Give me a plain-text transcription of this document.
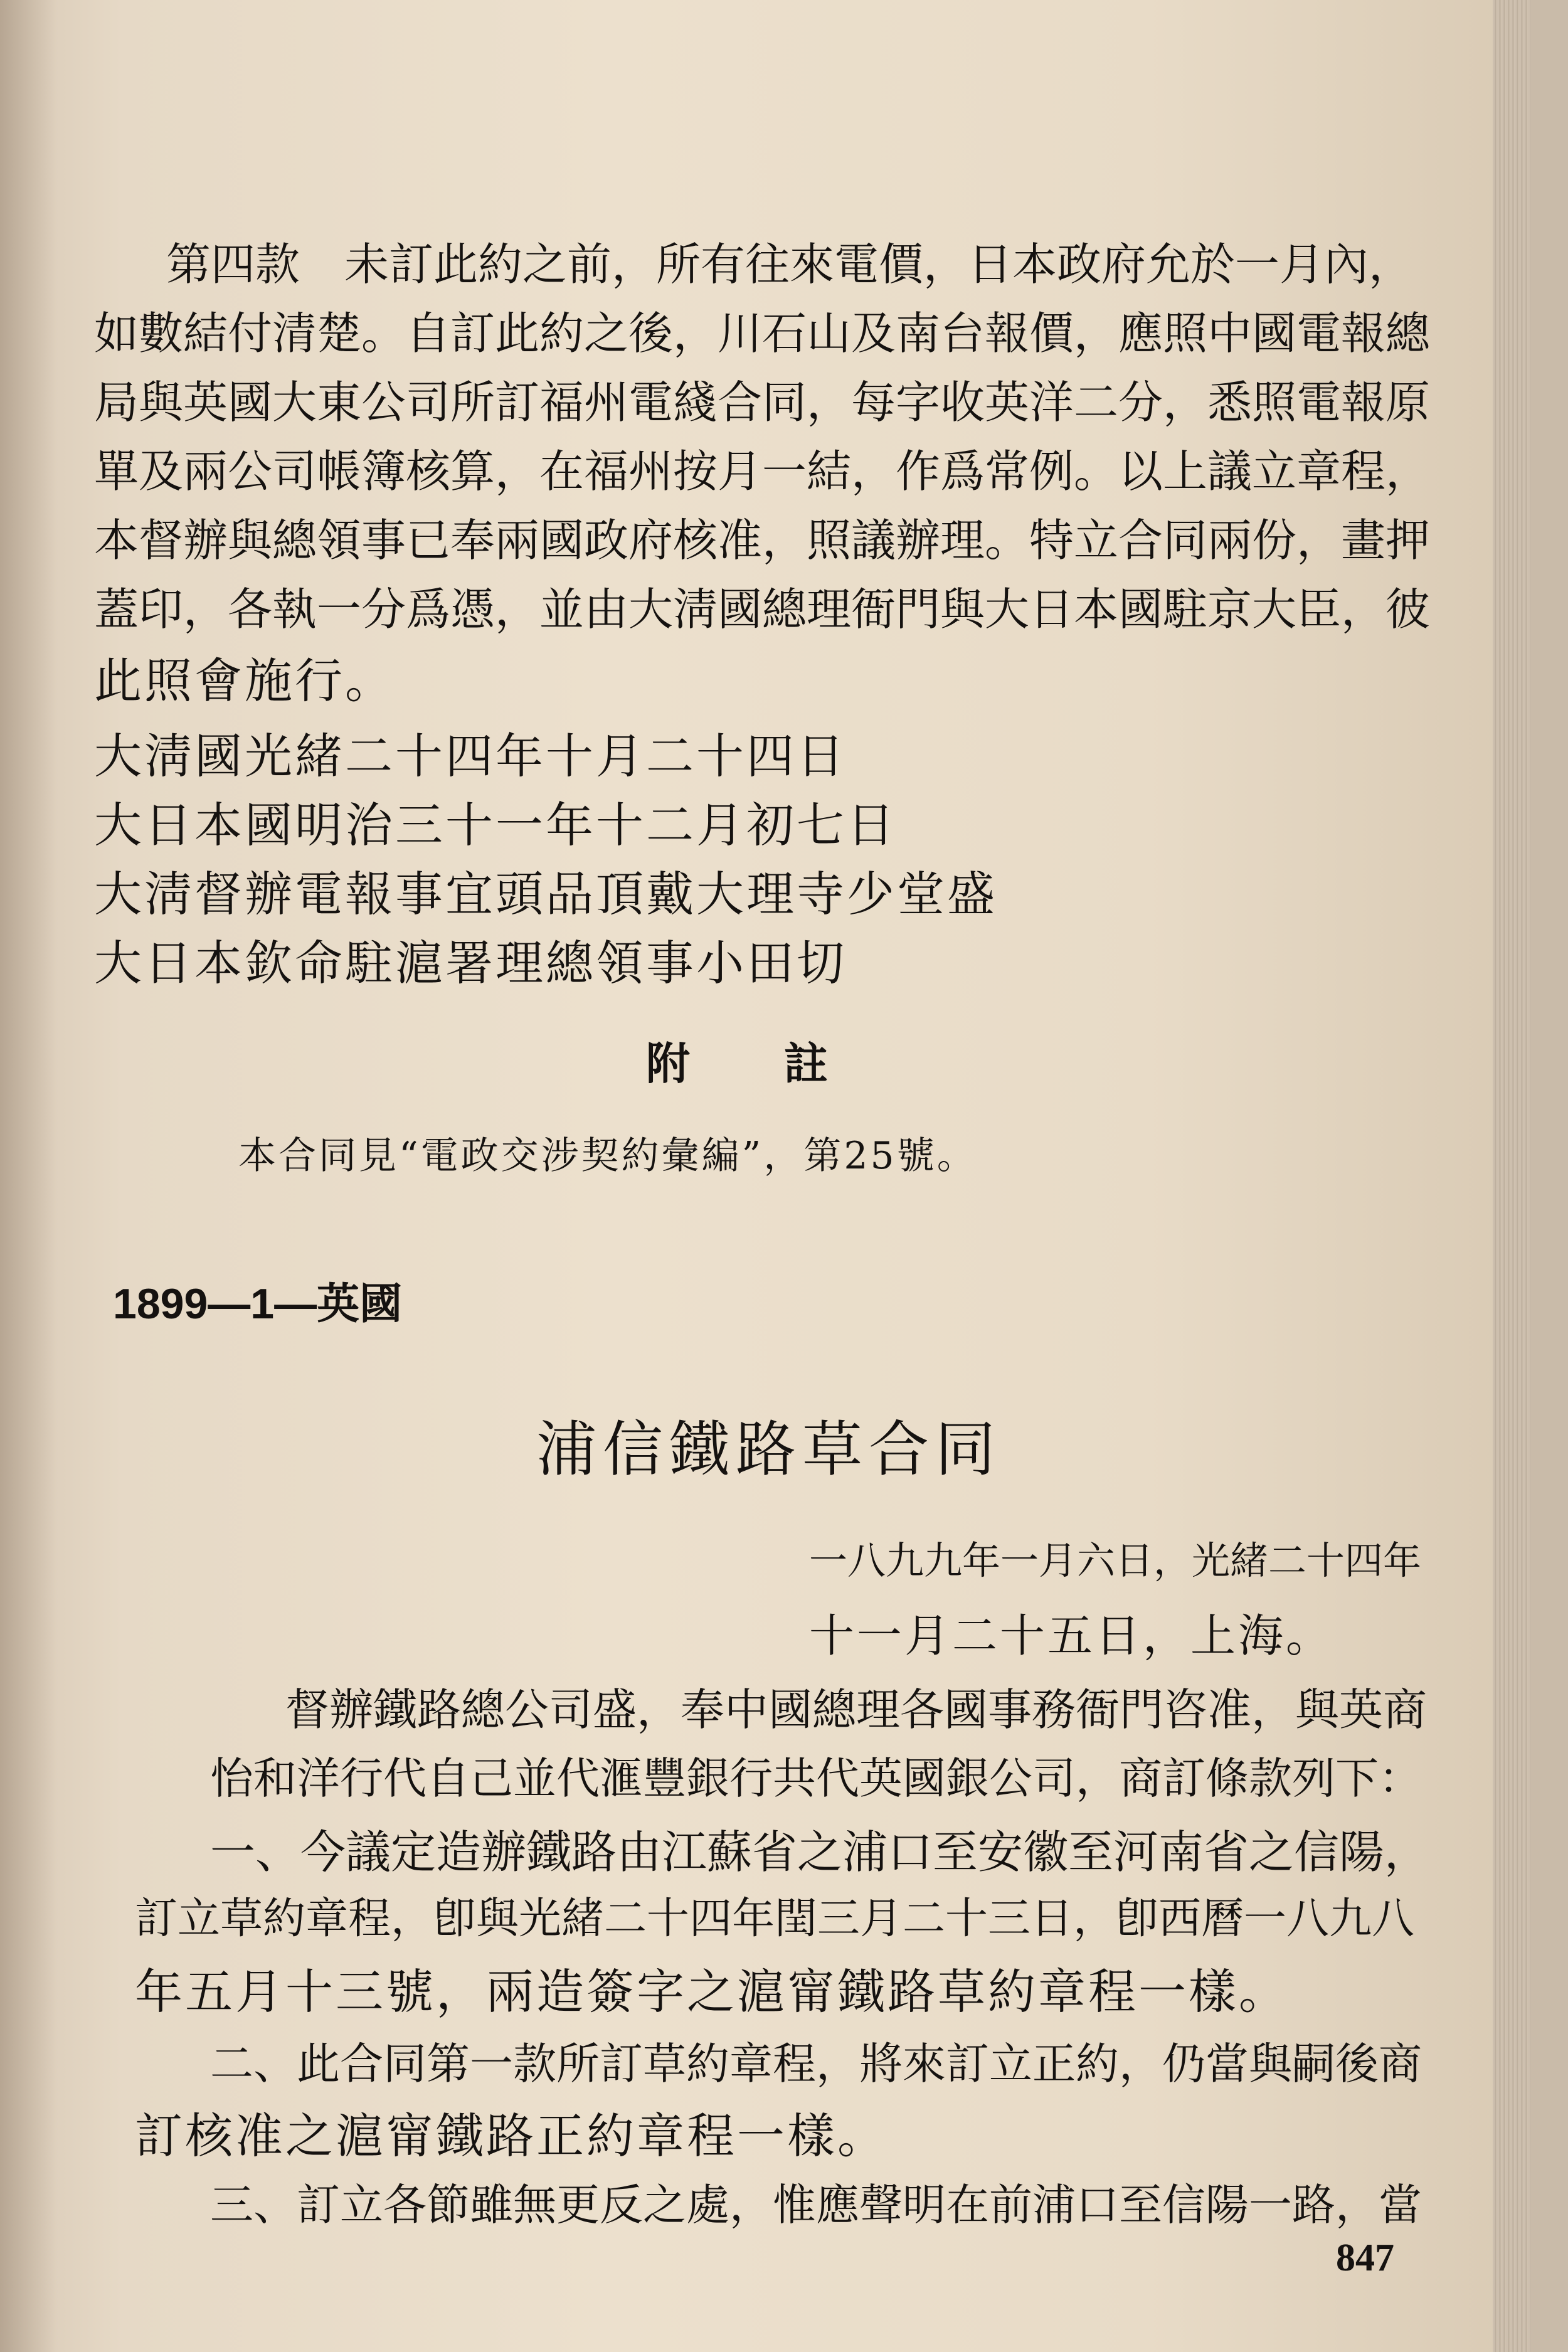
第四款　未訂此約之前，所有往來電價，日本政府允於一月內，
如數結付清楚。自訂此約之後，川石山及南台報價，應照中國電報總
局與英國大東公司所訂福州電綫合同，每字收英洋二分，悉照電報原
單及兩公司帳簿核算，在福州按月一結，作爲常例。以上議立章程，
本督辦與總領事已奉兩國政府核准，照議辦理。特立合同兩份，畫押
蓋印，各執一分爲憑，並由大淸國總理衙門與大日本國駐京大臣，彼
此照會施行。
大淸國光緒二十四年十月二十四日
大日本國明治三十一年十二月初七日
大淸督辦電報事宜頭品頂戴大理寺少堂盛
大日本欽命駐滬署理總領事小田切
附註
本合同見“電政交涉契約彙編”，第25號。
1899—1—英國
浦信鐵路草合同
一八九九年一月六日，光緒二十四年
十一月二十五日，上海。
督辦鐵路總公司盛，奉中國總理各國事務衙門咨准，與英商
怡和洋行代自己並代滙豐銀行共代英國銀公司，商訂條款列下：
一、今議定造辦鐵路由江蘇省之浦口至安徽至河南省之信陽，
訂立草約章程，卽與光緒二十四年閏三月二十三日，卽西曆一八九八
年五月十三號，兩造簽字之滬甯鐵路草約章程一樣。
二、此合同第一款所訂草約章程，將來訂立正約，仍當與嗣後商
訂核准之滬甯鐵路正約章程一樣。
三、訂立各節雖無更反之處，惟應聲明在前浦口至信陽一路，當
847
